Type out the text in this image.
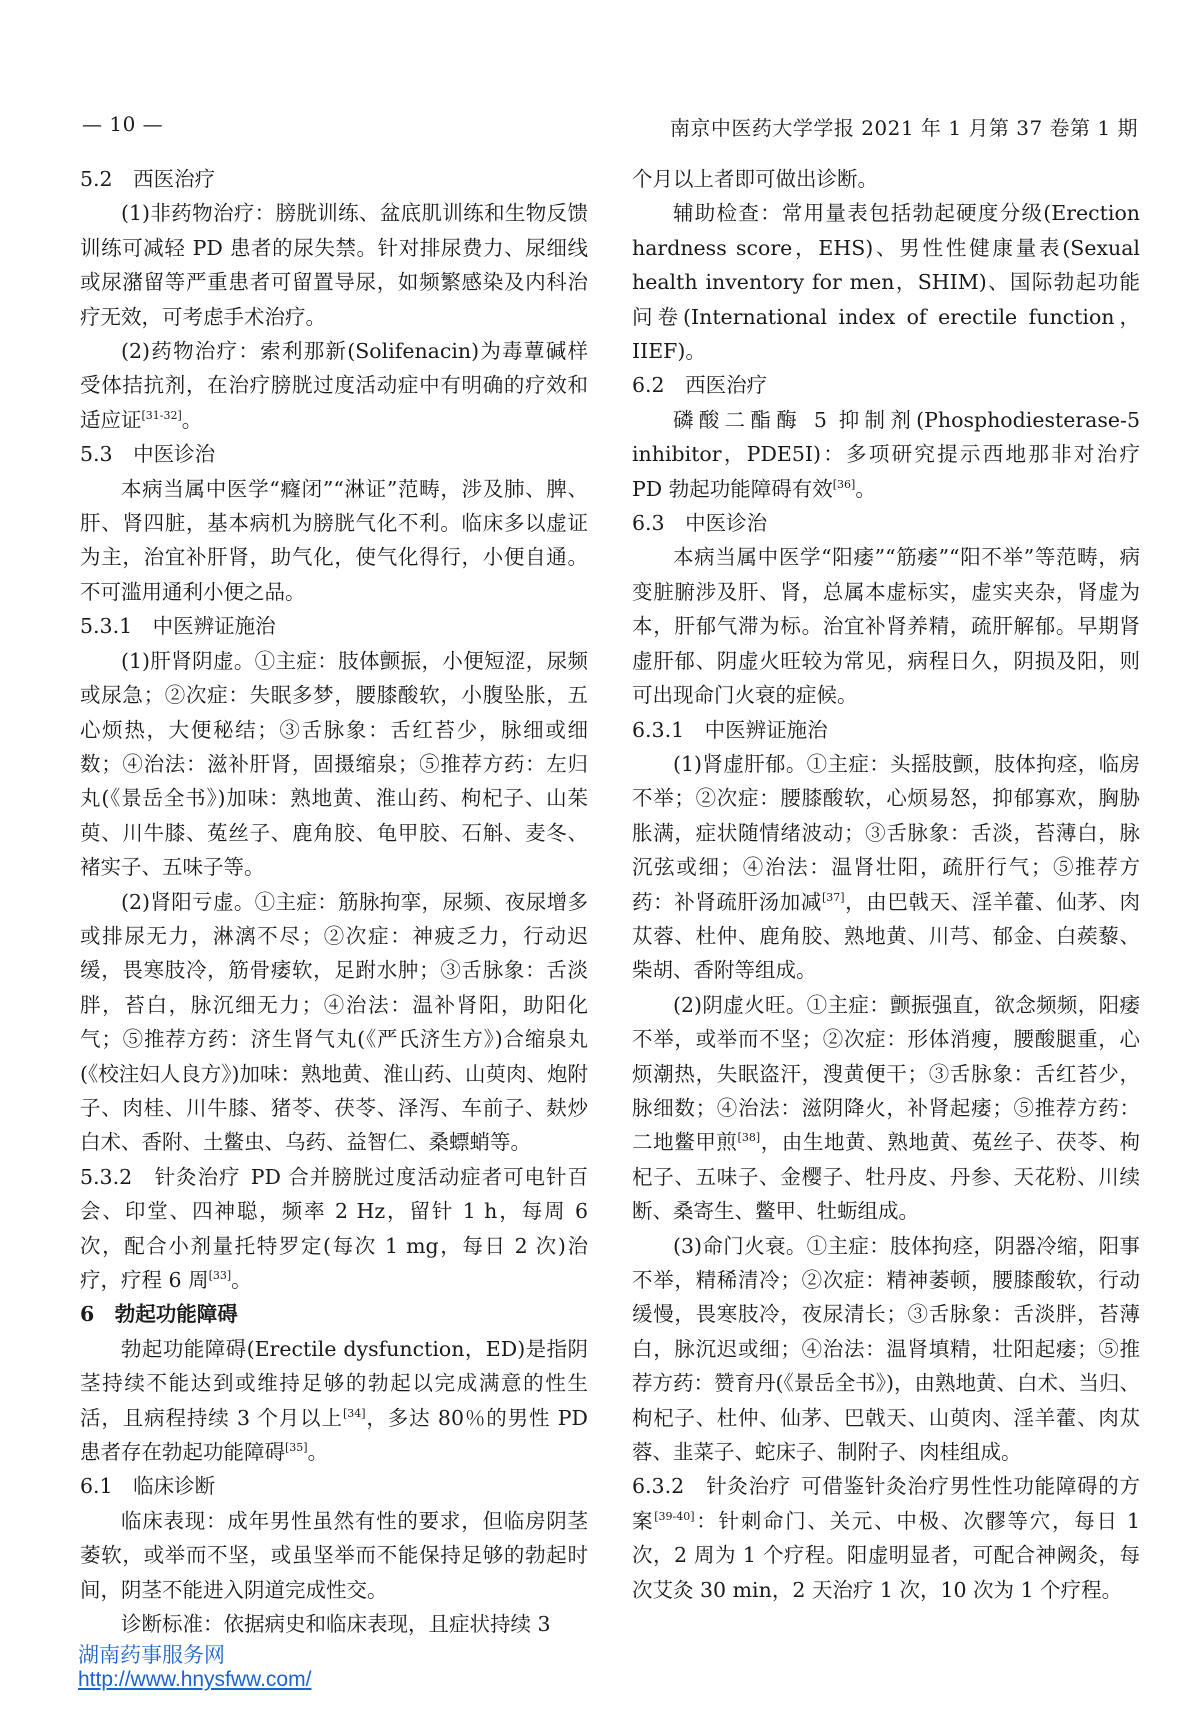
— 10 —	南京中医药大学学报 2021 年 1 月第 37 卷第 1 期

5.2　西医治疗

(1)非药物治疗：膀胱训练、盆底肌训练和生物反馈训练可减轻 PD 患者的尿失禁。针对排尿费力、尿细线或尿潴留等严重患者可留置导尿，如频繁感染及内科治疗无效，可考虑手术治疗。

(2)药物治疗：索利那新(Solifenacin)为毒蕈碱样受体拮抗剂，在治疗膀胱过度活动症中有明确的疗效和适应证[31-32]。

5.3　中医诊治

本病当属中医学“癃闭”“淋证”范畴，涉及肺、脾、肝、肾四脏，基本病机为膀胱气化不利。临床多以虚证为主，治宜补肝肾，助气化，使气化得行，小便自通。不可滥用通利小便之品。

5.3.1　中医辨证施治

(1)肝肾阴虚。①主症：肢体颤振，小便短涩，尿频或尿急；②次症：失眠多梦，腰膝酸软，小腹坠胀，五心烦热，大便秘结；③舌脉象：舌红苔少，脉细或细数；④治法：滋补肝肾，固摄缩泉；⑤推荐方药：左归丸(《景岳全书》)加味：熟地黄、淮山药、枸杞子、山茱萸、川牛膝、菟丝子、鹿角胶、龟甲胶、石斛、麦冬、褚实子、五味子等。

(2)肾阳亏虚。①主症：筋脉拘挛，尿频、夜尿增多或排尿无力，淋漓不尽；②次症：神疲乏力，行动迟缓，畏寒肢冷，筋骨痿软，足跗水肿；③舌脉象：舌淡胖，苔白，脉沉细无力；④治法：温补肾阳，助阳化气；⑤推荐方药：济生肾气丸(《严氏济生方》)合缩泉丸(《校注妇人良方》)加味：熟地黄、淮山药、山萸肉、炮附子、肉桂、川牛膝、猪苓、茯苓、泽泻、车前子、麸炒白术、香附、土鳖虫、乌药、益智仁、桑螵蛸等。

5.3.2　针灸治疗 PD 合并膀胱过度活动症者可电针百会、印堂、四神聪，频率 2 Hz，留针 1 h，每周 6 次，配合小剂量托特罗定(每次 1 mg，每日 2 次)治疗，疗程 6 周[33]。

6　勃起功能障碍

勃起功能障碍(Erectile dysfunction，ED)是指阴茎持续不能达到或维持足够的勃起以完成满意的性生活，且病程持续 3 个月以上[34]，多达 80％的男性 PD 患者存在勃起功能障碍[35]。

6.1　临床诊断

临床表现：成年男性虽然有性的要求，但临房阴茎萎软，或举而不坚，或虽坚举而不能保持足够的勃起时间，阴茎不能进入阴道完成性交。

诊断标准：依据病史和临床表现，且症状持续 3

个月以上者即可做出诊断。

辅助检查：常用量表包括勃起硬度分级(Erection hardness score，EHS)、男性性健康量表(Sexual health inventory for men，SHIM)、国际勃起功能问卷(International index of erectile function，IIEF)。

6.2　西医治疗

磷酸二酯酶 5 抑制剂(Phosphodiesterase-5 inhibitor，PDE5I)：多项研究提示西地那非对治疗 PD 勃起功能障碍有效[36]。

6.3　中医诊治

本病当属中医学“阳痿”“筋痿”“阳不举”等范畴，病变脏腑涉及肝、肾，总属本虚标实，虚实夹杂，肾虚为本，肝郁气滞为标。治宜补肾养精，疏肝解郁。早期肾虚肝郁、阴虚火旺较为常见，病程日久，阴损及阳，则可出现命门火衰的症候。

6.3.1　中医辨证施治

(1)肾虚肝郁。①主症：头摇肢颤，肢体拘痉，临房不举；②次症：腰膝酸软，心烦易怒，抑郁寡欢，胸胁胀满，症状随情绪波动；③舌脉象：舌淡，苔薄白，脉沉弦或细；④治法：温肾壮阳，疏肝行气；⑤推荐方药：补肾疏肝汤加减[37]，由巴戟天、淫羊藿、仙茅、肉苁蓉、杜仲、鹿角胶、熟地黄、川芎、郁金、白蒺藜、柴胡、香附等组成。

(2)阴虚火旺。①主症：颤振强直，欲念频频，阳痿不举，或举而不坚；②次症：形体消瘦，腰酸腿重，心烦潮热，失眠盗汗，溲黄便干；③舌脉象：舌红苔少，脉细数；④治法：滋阴降火，补肾起痿；⑤推荐方药：二地鳖甲煎[38]，由生地黄、熟地黄、菟丝子、茯苓、枸杞子、五味子、金樱子、牡丹皮、丹参、天花粉、川续断、桑寄生、鳖甲、牡蛎组成。

(3)命门火衰。①主症：肢体拘痉，阴器冷缩，阳事不举，精稀清冷；②次症：精神萎顿，腰膝酸软，行动缓慢，畏寒肢冷，夜尿清长；③舌脉象：舌淡胖，苔薄白，脉沉迟或细；④治法：温肾填精，壮阳起痿；⑤推荐方药：赞育丹(《景岳全书》)，由熟地黄、白术、当归、枸杞子、杜仲、仙茅、巴戟天、山萸肉、淫羊藿、肉苁蓉、韭菜子、蛇床子、制附子、肉桂组成。

6.3.2　针灸治疗 可借鉴针灸治疗男性性功能障碍的方案[39-40]：针刺命门、关元、中极、次髎等穴，每日 1 次，2 周为 1 个疗程。阳虚明显者，可配合神阙灸，每次艾灸 30 min，2 天治疗 1 次，10 次为 1 个疗程。

湖南药事服务网
http://www.hnysfww.com/
